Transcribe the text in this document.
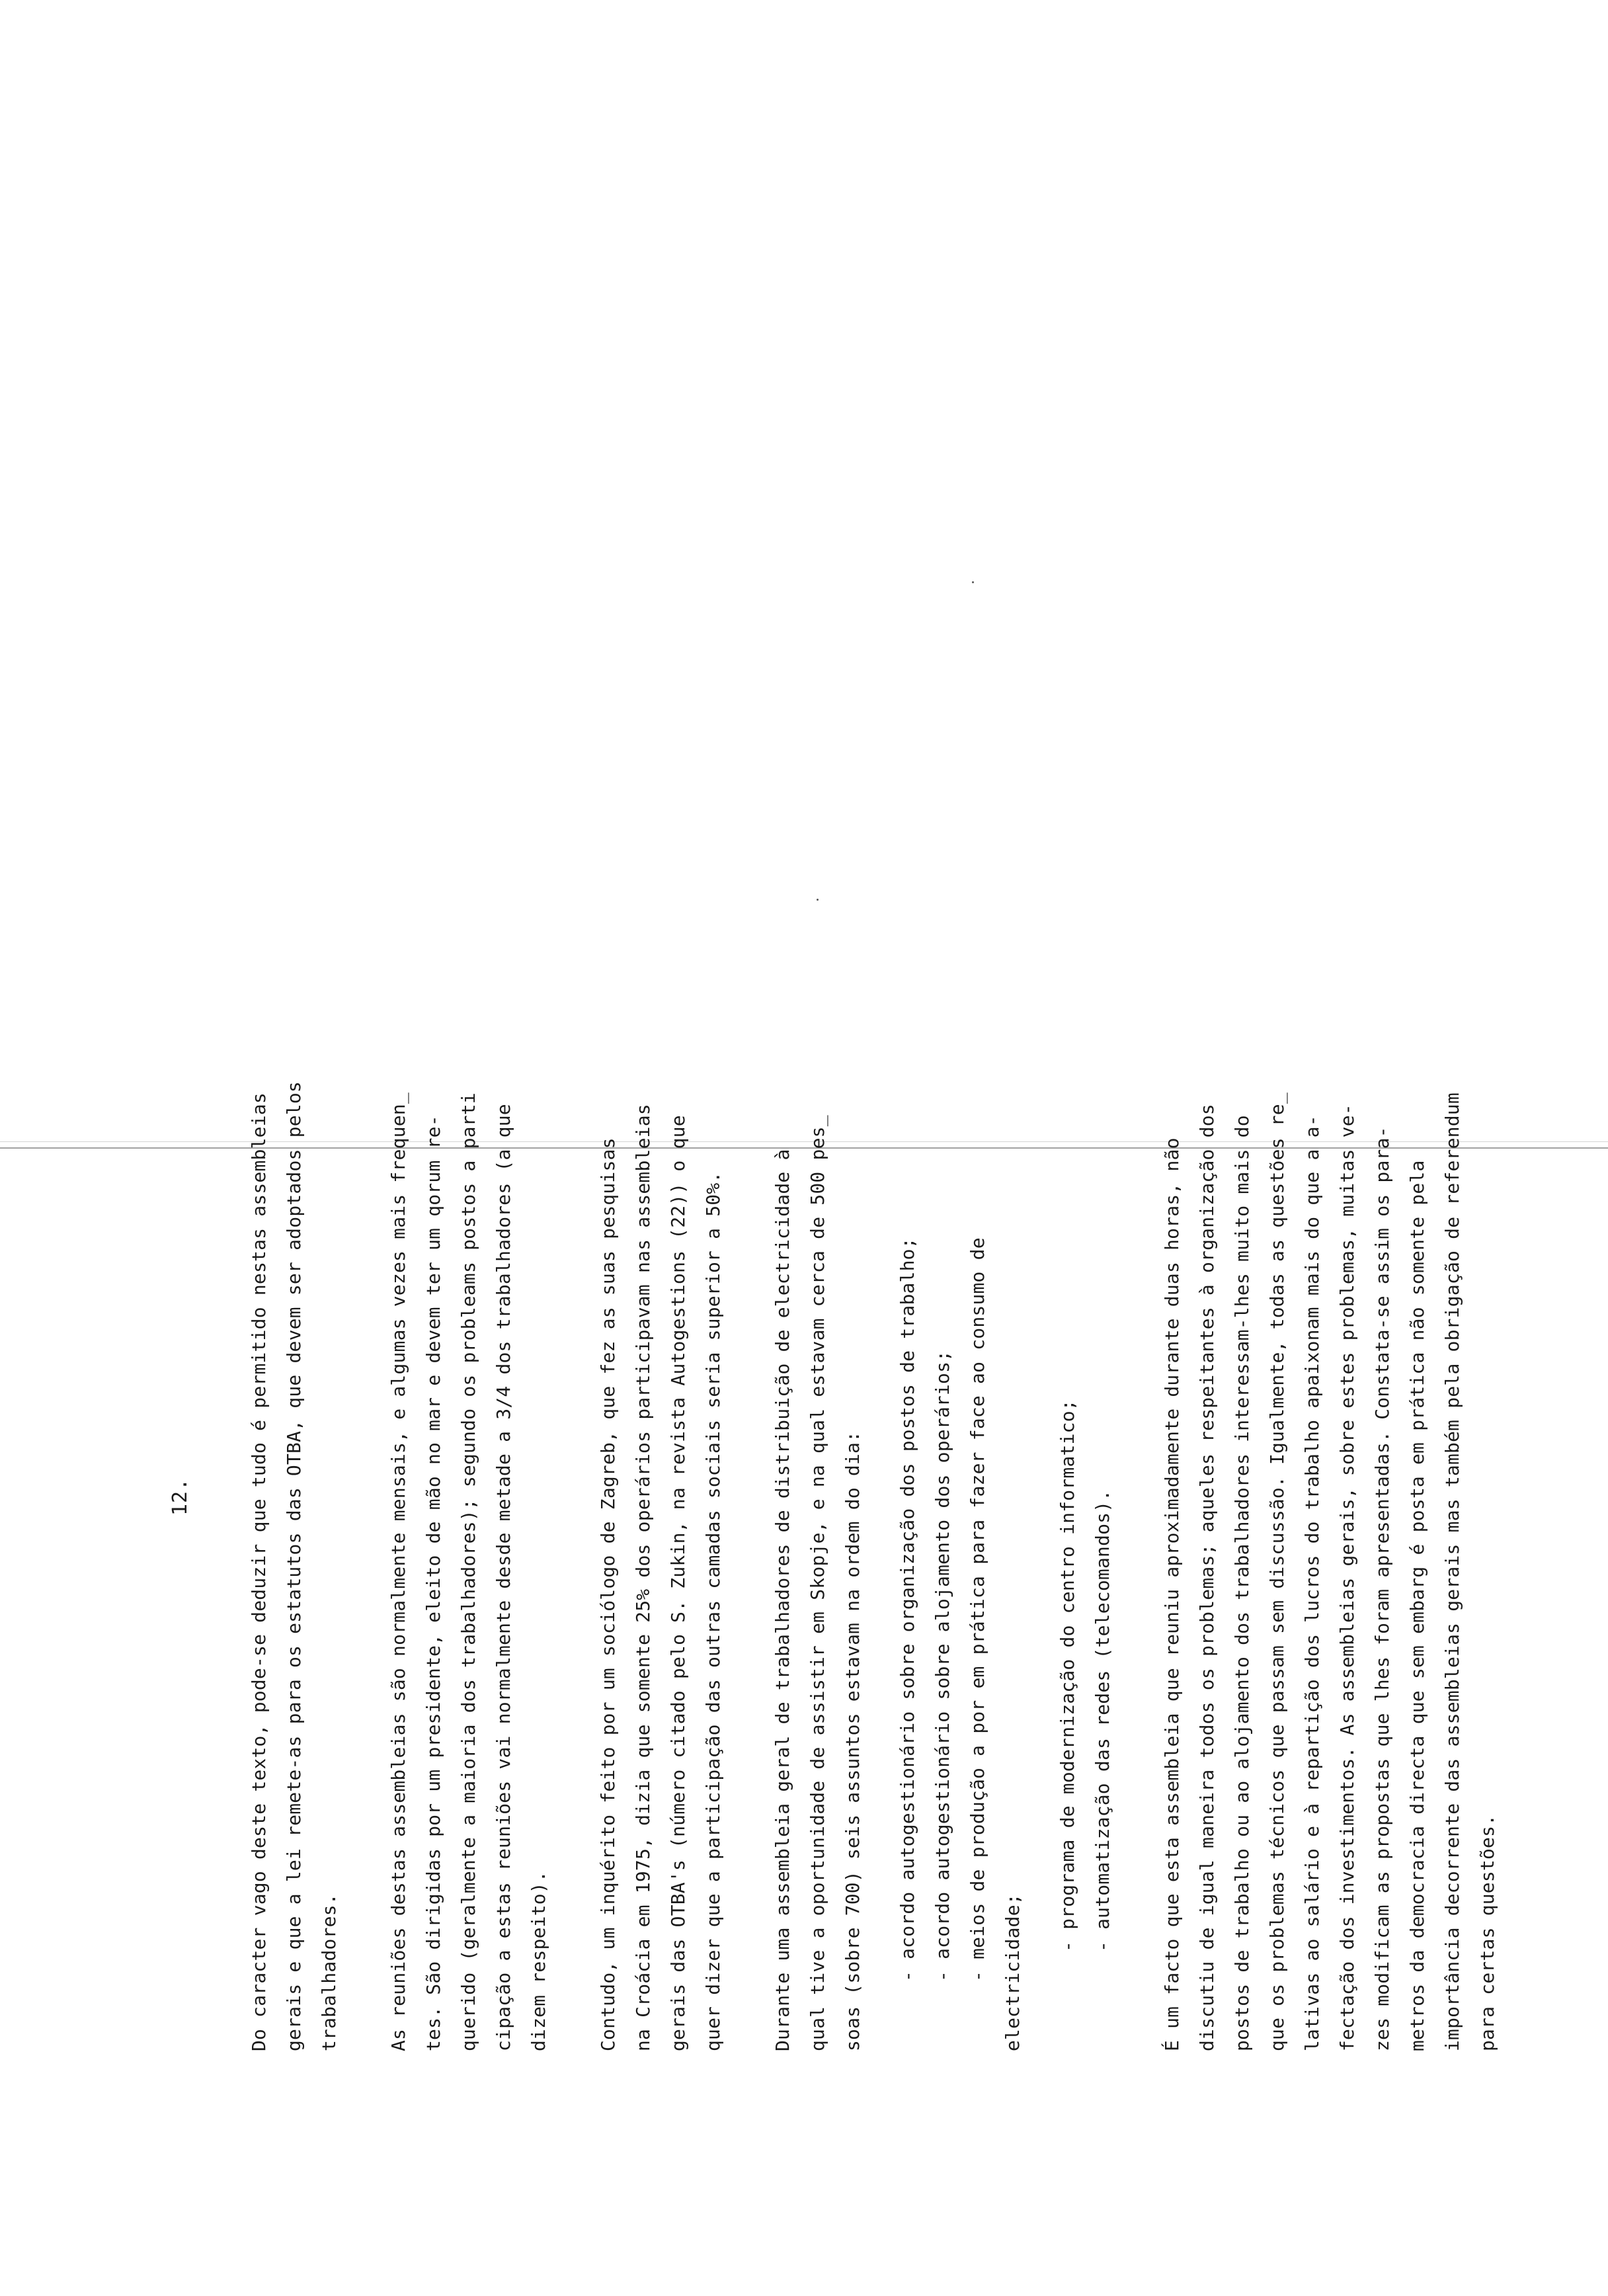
12.	Do caracter vago deste texto, pode-se deduzir que tudo é permitido nestas assembleias gerais e que a lei remete-as para os estatutos das OTBA, que devem ser adoptados pelos trabalhadores.	As reuniões destas assembleias são normalmente mensais, e algumas vezes mais frequen_ tes. São dirigidas por um presidente, eleito de mão no mar e devem ter um qorum re- querido (geralmente a maioria dos trabalhadores); segundo os probleams postos a parti cipação a estas reuniões vai normalmente desde metade a 3/4 dos trabalhadores (a que dizem respeito).	Contudo, um inquérito feito por um sociólogo de Zagreb, que fez as suas pesquisas na Croácia em 1975, dizia que somente 25% dos operários participavam nas assembleias gerais das OTBA's (número citado pelo S. Zukin, na revista Autogestions (22)) o que quer dizer que a participação das outras camadas sociais seria superior a 50%.	Durante uma assembleia geral de trabalhadores de distribuição de electricidade à qual tive a oportunidade de assistir em Skopje, e na qual estavam cerca de 500 pes_ soas (sobre 700) seis assuntos estavam na ordem do dia:	- acordo autogestionário sobre organização dos postos de trabalho; - acordo autogestionário sobre alojamento dos operários; - meios de produção a por em prática para fazer face ao consumo de electricidade;
- programa de modernização do centro informatico; - automatização das redes (telecomandos).	É um facto que esta assembleia que reuniu aproximadamente durante duas horas, não discutiu de igual maneira todos os problemas; aqueles respeitantes à organização dos postos de trabalho ou ao alojamento dos trabalhadores interessam-lhes muito mais do que os problemas técnicos que passam sem discussão. Igualmente, todas as questões re_ lativas ao salário e à repartição dos lucros do trabalho apaixonam mais do que a a- fectação dos investimentos. As assembleias gerais, sobre estes problemas, muitas ve- zes modificam as propostas que lhes foram apresentadas. Constata-se assim os para- metros da democracia directa que sem embarg é posta em prática não somente pela importância decorrente das assembleias gerais mas também pela obrigação de referendum para certas questões.
